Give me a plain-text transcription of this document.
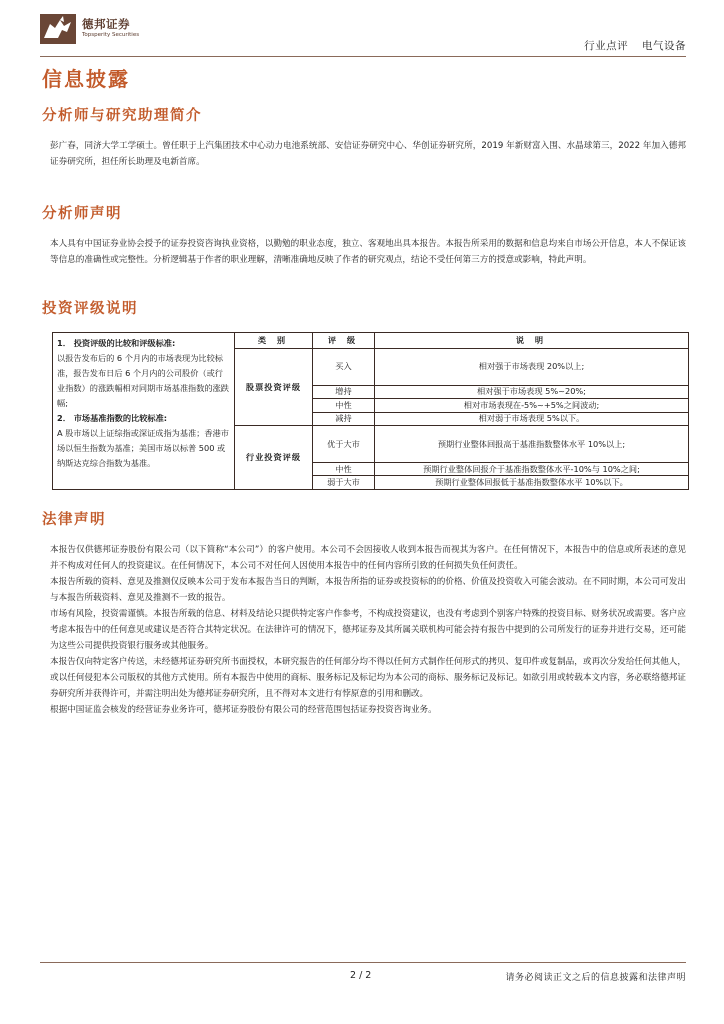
德邦证券
Topsperity Securities
行业点评 电气设备
信息披露
分析师与研究助理简介

彭广春，同济大学工学硕士。曾任职于上汽集团技术中心动力电池系统部、安信证券研究中心、华创证券研究所，2019 年新财富入围、水晶球第三，2022 年加入德邦证券研究所，担任所长助理及电新首席。

分析师声明

本人具有中国证券业协会授予的证券投资咨询执业资格，以勤勉的职业态度，独立、客观地出具本报告。本报告所采用的数据和信息均来自市场公开信息，本人不保证该等信息的准确性或完整性。分析逻辑基于作者的职业理解，清晰准确地反映了作者的研究观点，结论不受任何第三方的授意或影响，特此声明。

投资评级说明
1． 投资评级的比较和评级标准:
以报告发布后的 6 个月内的市场表现为比较标准，报告发布日后 6 个月内的公司股价（或行业指数）的涨跌幅相对同期市场基准指数的涨跌幅;
2． 市场基准指数的比较标准:
A 股市场以上证综指或深证成指为基准；香港市场以恒生指数为基准；美国市场以标普 500 或纳斯达克综合指数为基准。	类 别	评 级	说 明
	股票投资评级	买入	相对强于市场表现 20%以上;
		增持	相对强于市场表现 5%~20%;
		中性	相对市场表现在-5%~+5%之间波动;
		减持	相对弱于市场表现 5%以下。
	行业投资评级	优于大市	预期行业整体回报高于基准指数整体水平 10%以上;
		中性	预期行业整体回报介于基准指数整体水平-10%与 10%之间;
		弱于大市	预期行业整体回报低于基准指数整体水平 10%以下。
法律声明

本报告仅供德邦证券股份有限公司（以下简称“本公司”）的客户使用。本公司不会因接收人收到本报告而视其为客户。在任何情况下，本报告中的信息或所表述的意见并不构成对任何人的投资建议。在任何情况下，本公司不对任何人因使用本报告中的任何内容所引致的任何损失负任何责任。

本报告所载的资料、意见及推测仅反映本公司于发布本报告当日的判断，本报告所指的证券或投资标的的价格、价值及投资收入可能会波动。在不同时期，本公司可发出与本报告所载资料、意见及推测不一致的报告。

市场有风险，投资需谨慎。本报告所载的信息、材料及结论只提供特定客户作参考，不构成投资建议，也没有考虑到个别客户特殊的投资目标、财务状况或需要。客户应考虑本报告中的任何意见或建议是否符合其特定状况。在法律许可的情况下，德邦证券及其所属关联机构可能会持有报告中提到的公司所发行的证券并进行交易，还可能为这些公司提供投资银行服务或其他服务。

本报告仅向特定客户传送，未经德邦证券研究所书面授权，本研究报告的任何部分均不得以任何方式制作任何形式的拷贝、复印件或复制品，或再次分发给任何其他人，或以任何侵犯本公司版权的其他方式使用。所有本报告中使用的商标、服务标记及标记均为本公司的商标、服务标记及标记。如欲引用或转载本文内容，务必联络德邦证券研究所并获得许可，并需注明出处为德邦证券研究所，且不得对本文进行有悖原意的引用和删改。

根据中国证监会核发的经营证券业务许可，德邦证券股份有限公司的经营范围包括证券投资咨询业务。

2 / 2	请务必阅读正文之后的信息披露和法律声明
